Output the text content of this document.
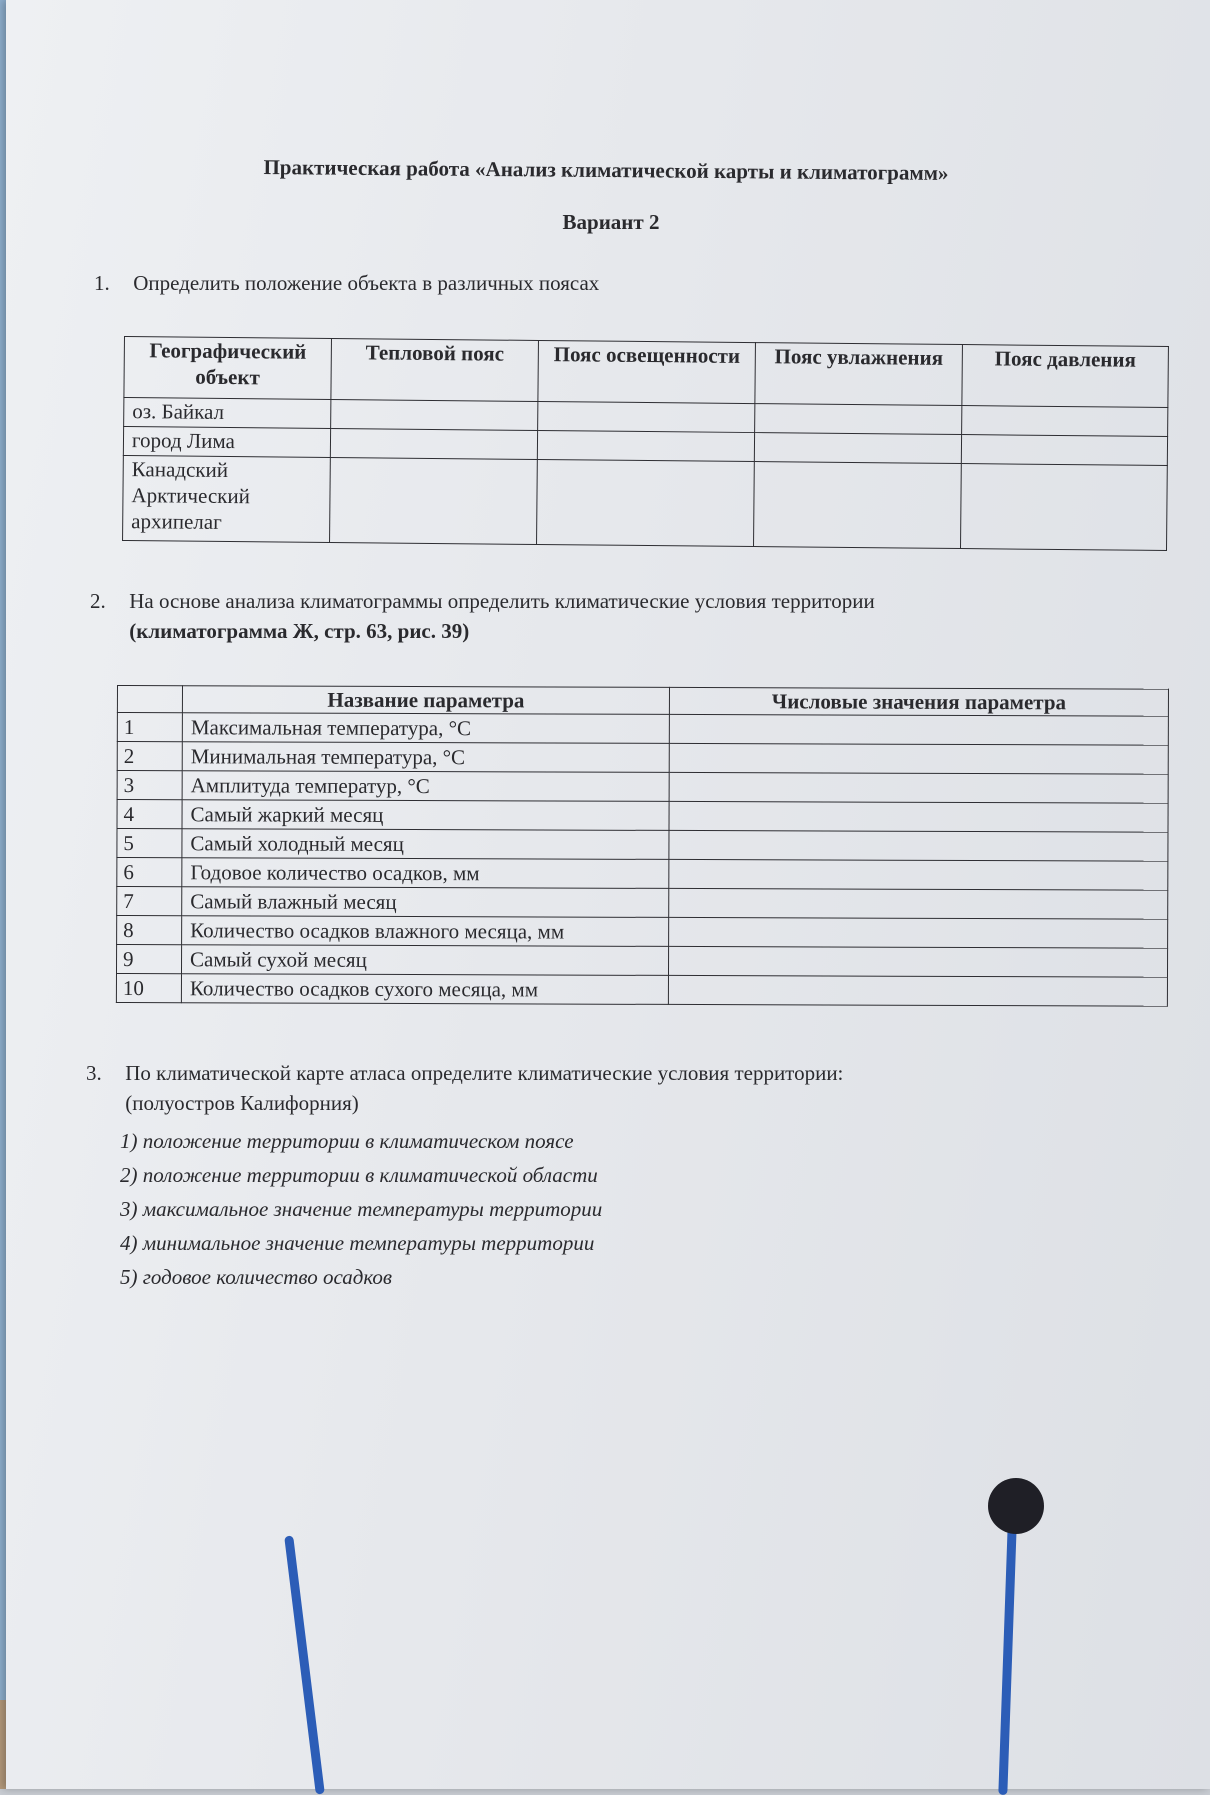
Практическая работа «Анализ климатической карты и климатограмм»
Вариант 2
1. Определить положение объекта в различных поясах
Географический объект	Тепловой пояс	Пояс освещенности	Пояс увлажнения	Пояс давления
оз. Байкал				
город Лима				
Канадский Арктический архипелаг				
2. На основе анализа климатограммы определить климатические условия территории
(климатограмма Ж, стр. 63, рис. 39)
	Название параметра	Числовые значения параметра
1	Максимальная температура, °С	
2	Минимальная температура, °С	
3	Амплитуда температур, °С	
4	Самый жаркий месяц	
5	Самый холодный месяц	
6	Годовое количество осадков, мм	
7	Самый влажный месяц	
8	Количество осадков влажного месяца, мм	
9	Самый сухой месяц	
10	Количество осадков сухого месяца, мм	
3. По климатической карте атласа определите климатические условия территории:
(полуостров Калифорния)
1) положение территории в климатическом поясе
2) положение территории в климатической области
3) максимальное значение температуры территории
4) минимальное значение температуры территории
5) годовое количество осадков
